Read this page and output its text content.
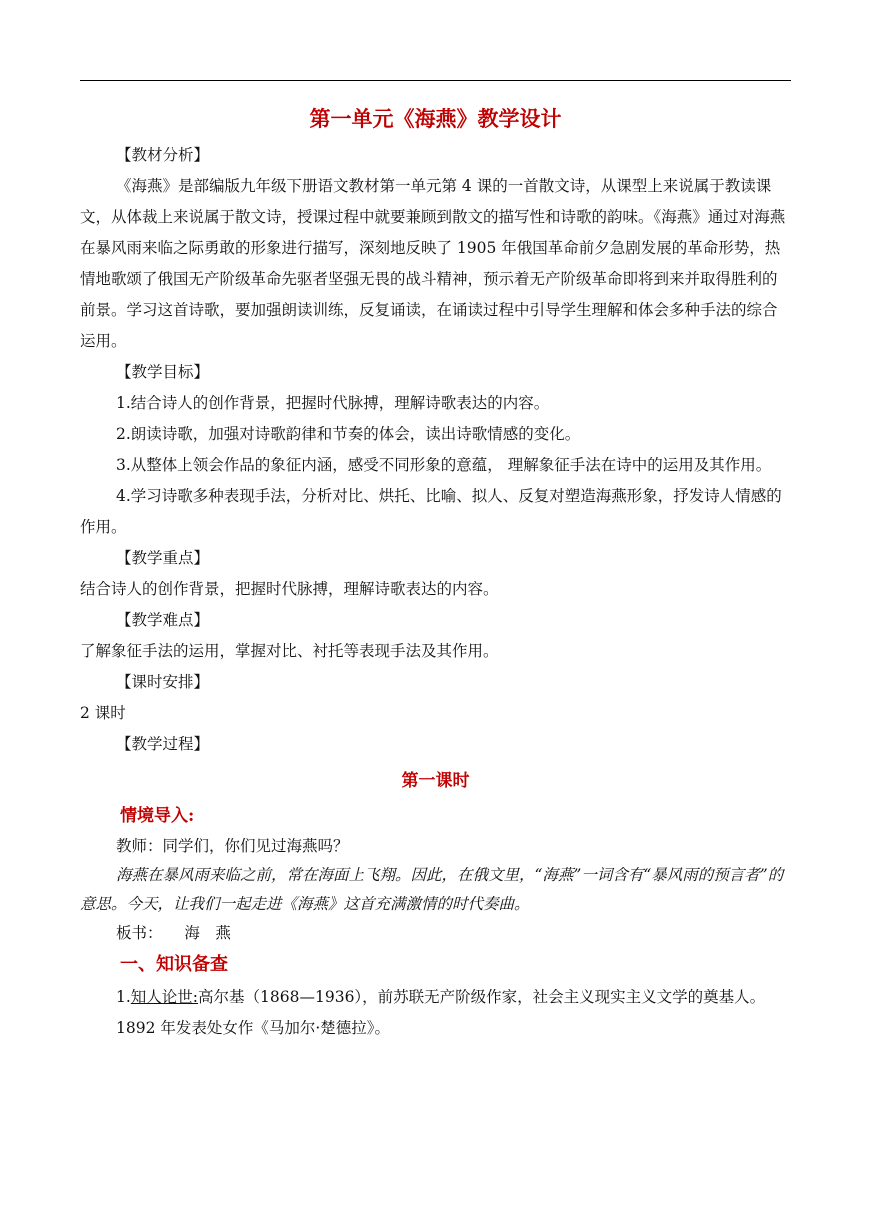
第一单元《海燕》教学设计

【教材分析】

《海燕》是部编版九年级下册语文教材第一单元第 4 课的一首散文诗，从课型上来说属于教读课文，从体裁上来说属于散文诗，授课过程中就要兼顾到散文的描写性和诗歌的韵味。《海燕》通过对海燕在暴风雨来临之际勇敢的形象进行描写，深刻地反映了 1905 年俄国革命前夕急剧发展的革命形势，热情地歌颂了俄国无产阶级革命先驱者坚强无畏的战斗精神，预示着无产阶级革命即将到来并取得胜利的前景。学习这首诗歌，要加强朗读训练，反复诵读，在诵读过程中引导学生理解和体会多种手法的综合运用。

【教学目标】

1.结合诗人的创作背景，把握时代脉搏，理解诗歌表达的内容。

2.朗读诗歌，加强对诗歌韵律和节奏的体会，读出诗歌情感的变化。

3.从整体上领会作品的象征内涵，感受不同形象的意蕴， 理解象征手法在诗中的运用及其作用。

4.学习诗歌多种表现手法，分析对比、烘托、比喻、拟人、反复对塑造海燕形象，抒发诗人情感的作用。

【教学重点】

结合诗人的创作背景，把握时代脉搏，理解诗歌表达的内容。

【教学难点】

了解象征手法的运用，掌握对比、衬托等表现手法及其作用。

【课时安排】

2 课时

【教学过程】

第一课时

情境导入:

教师：同学们，你们见过海燕吗？

海燕在暴风雨来临之前，常在海面上飞翔。因此，在俄文里，“海燕”一词含有“暴风雨的预言者”的意思。今天，让我们一起走进《海燕》这首充满激情的时代奏曲。

板书： 海　燕

一、知识备查

1.知人论世:高尔基（1868—1936），前苏联无产阶级作家，社会主义现实主义文学的奠基人。

1892 年发表处女作《马加尔·楚德拉》。
